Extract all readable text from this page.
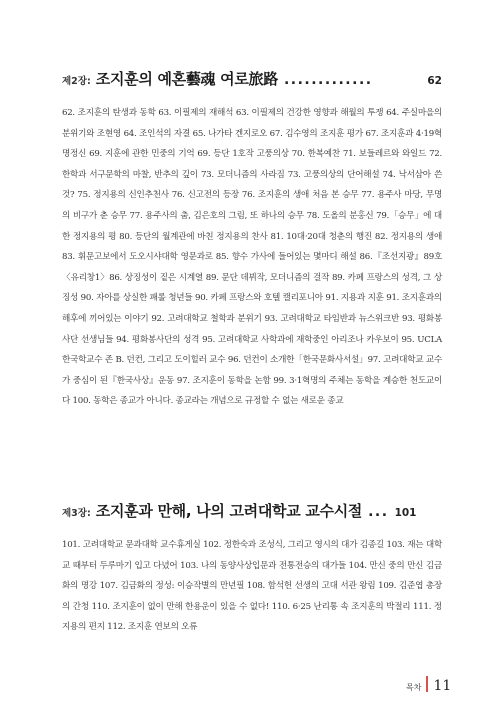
제2장: 조지훈의 예혼藝魂 여로旅路 .............	62
62. 조지훈의 탄생과 동학 63. 이필제의 재해석 63. 이필제의 건강한 영향과 해월의 투쟁 64. 주실마을의 분위기와 조현영 64. 조인석의 자결 65. 나가타 겐지로오 67. 김수영의 조지훈 평가 67. 조지훈과 4·19혁명정신 69. 지훈에 관한 민중의 기억 69. 등단 1호작 고풍의상 70. 한복예찬 71. 보들레르와 와일드 72. 한학과 서구문학의 마찰, 반추의 깊이 73. 모더니즘의 사라짐 73. 고풍의상의 단어해설 74. 낙서삼아 쓴 것? 75. 정지용의 신인추천사 76. 신고전의 등장 76. 조지훈의 생애 처음 본 승무 77. 용주사 마당, 무명의 비구가 춘 승무 77. 용주사의 춤, 김은호의 그림, 또 하나의 승무 78. 도올의 분홍신 79.「승무」에 대한 정지용의 평 80. 등단의 월계관에 바친 정지용의 찬사 81. 10대·20대 청춘의 행진 82. 정지용의 생애 83. 휘문고보에서 도오시샤대학 영문과로 85. 향수 가사에 들어있는 몇마디 해설 86.『조선지광』89호〈유리창1〉86. 상징성이 짙은 시계열 89. 문단 데뷔작, 모더니즘의 걸작 89. 카페 프랑스의 성격, 그 상징성 90. 자아를 상실한 패롤 청년들 90. 카페 프랑스와 호텔 캘리포니아 91. 지용과 지훈 91. 조지훈과의 해후에 끼어있는 이야기 92. 고려대학교 철학과 분위기 93. 고려대학교 타임반과 뉴스위크반 93. 평화봉사단 선생님들 94. 평화봉사단의 성격 95. 고려대학교 사학과에 재학중인 아리조나 카우보이 95. UCLA 한국학교수 존 B. 던컨, 그리고 도이힐러 교수 96. 던컨이 소개한「한국문화사서설」97. 고려대학교 교수가 중심이 된『한국사상』운동 97. 조지훈이 동학을 논함 99. 3·1혁명의 주체는 동학을 계승한 천도교이다 100. 동학은 종교가 아니다. 종교라는 개념으로 규정할 수 없는 새로운 종교
제3장: 조지훈과 만해, 나의 고려대학교 교수시절 ... 101
101. 고려대학교 문과대학 교수휴게실 102. 정한숙과 조성식, 그리고 영시의 대가 김종길 103. 재는 대학교 때부터 두루마기 입고 다녔어 103. 나의 동양사상입문과 전통전승의 대가들 104. 만신 중의 만신 김금화의 명강 107. 김금화의 정성: 이승작별의 만년필 108. 함석헌 선생의 고대 서관 왕림 109. 김준엽 총장의 간청 110. 조지훈이 없이 만해 한용운이 있을 수 없다! 110. 6·25 난리통 속 조지훈의 박절리 111. 정지용의 편지 112. 조지훈 연보의 오류
목차 11
